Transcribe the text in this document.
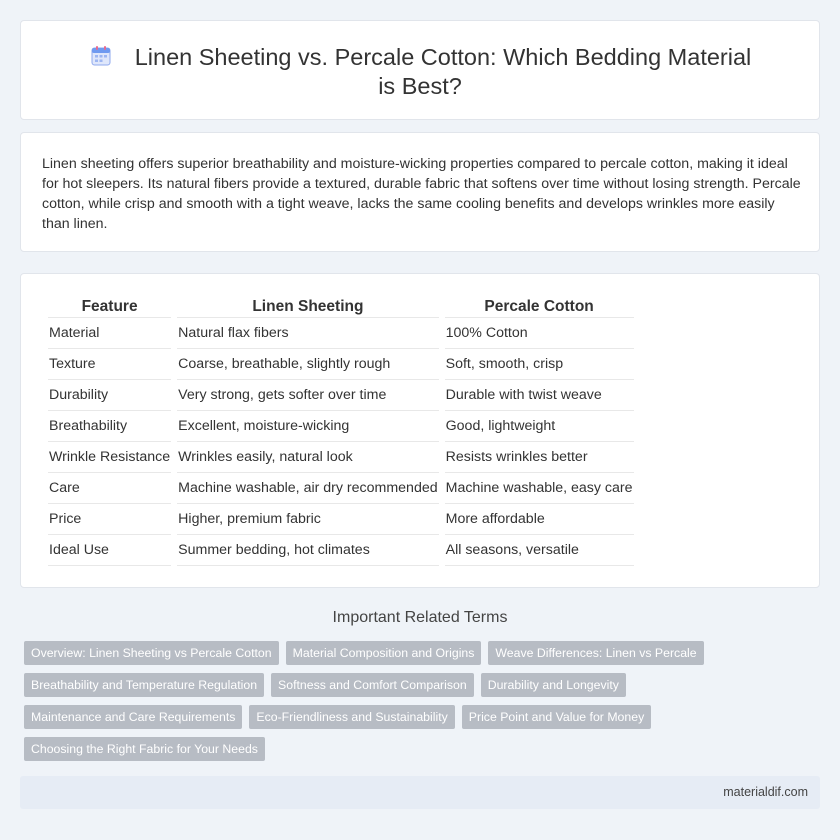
Linen Sheeting vs. Percale Cotton: Which Bedding Material is Best?

Linen sheeting offers superior breathability and moisture-wicking properties compared to percale cotton, making it ideal for hot sleepers. Its natural fibers provide a textured, durable fabric that softens over time without losing strength. Percale cotton, while crisp and smooth with a tight weave, lacks the same cooling benefits and develops wrinkles more easily than linen.

Feature	Linen Sheeting	Percale Cotton
Material	Natural flax fibers	100% Cotton
Texture	Coarse, breathable, slightly rough	Soft, smooth, crisp
Durability	Very strong, gets softer over time	Durable with twist weave
Breathability	Excellent, moisture-wicking	Good, lightweight
Wrinkle Resistance	Wrinkles easily, natural look	Resists wrinkles better
Care	Machine washable, air dry recommended	Machine washable, easy care
Price	Higher, premium fabric	More affordable
Ideal Use	Summer bedding, hot climates	All seasons, versatile
Important Related Terms
Overview: Linen Sheeting vs Percale Cotton	Material Composition and Origins	Weave Differences: Linen vs Percale
Breathability and Temperature Regulation	Softness and Comfort Comparison	Durability and Longevity
Maintenance and Care Requirements	Eco-Friendliness and Sustainability	Price Point and Value for Money
Choosing the Right Fabric for Your Needs
materialdif.com
